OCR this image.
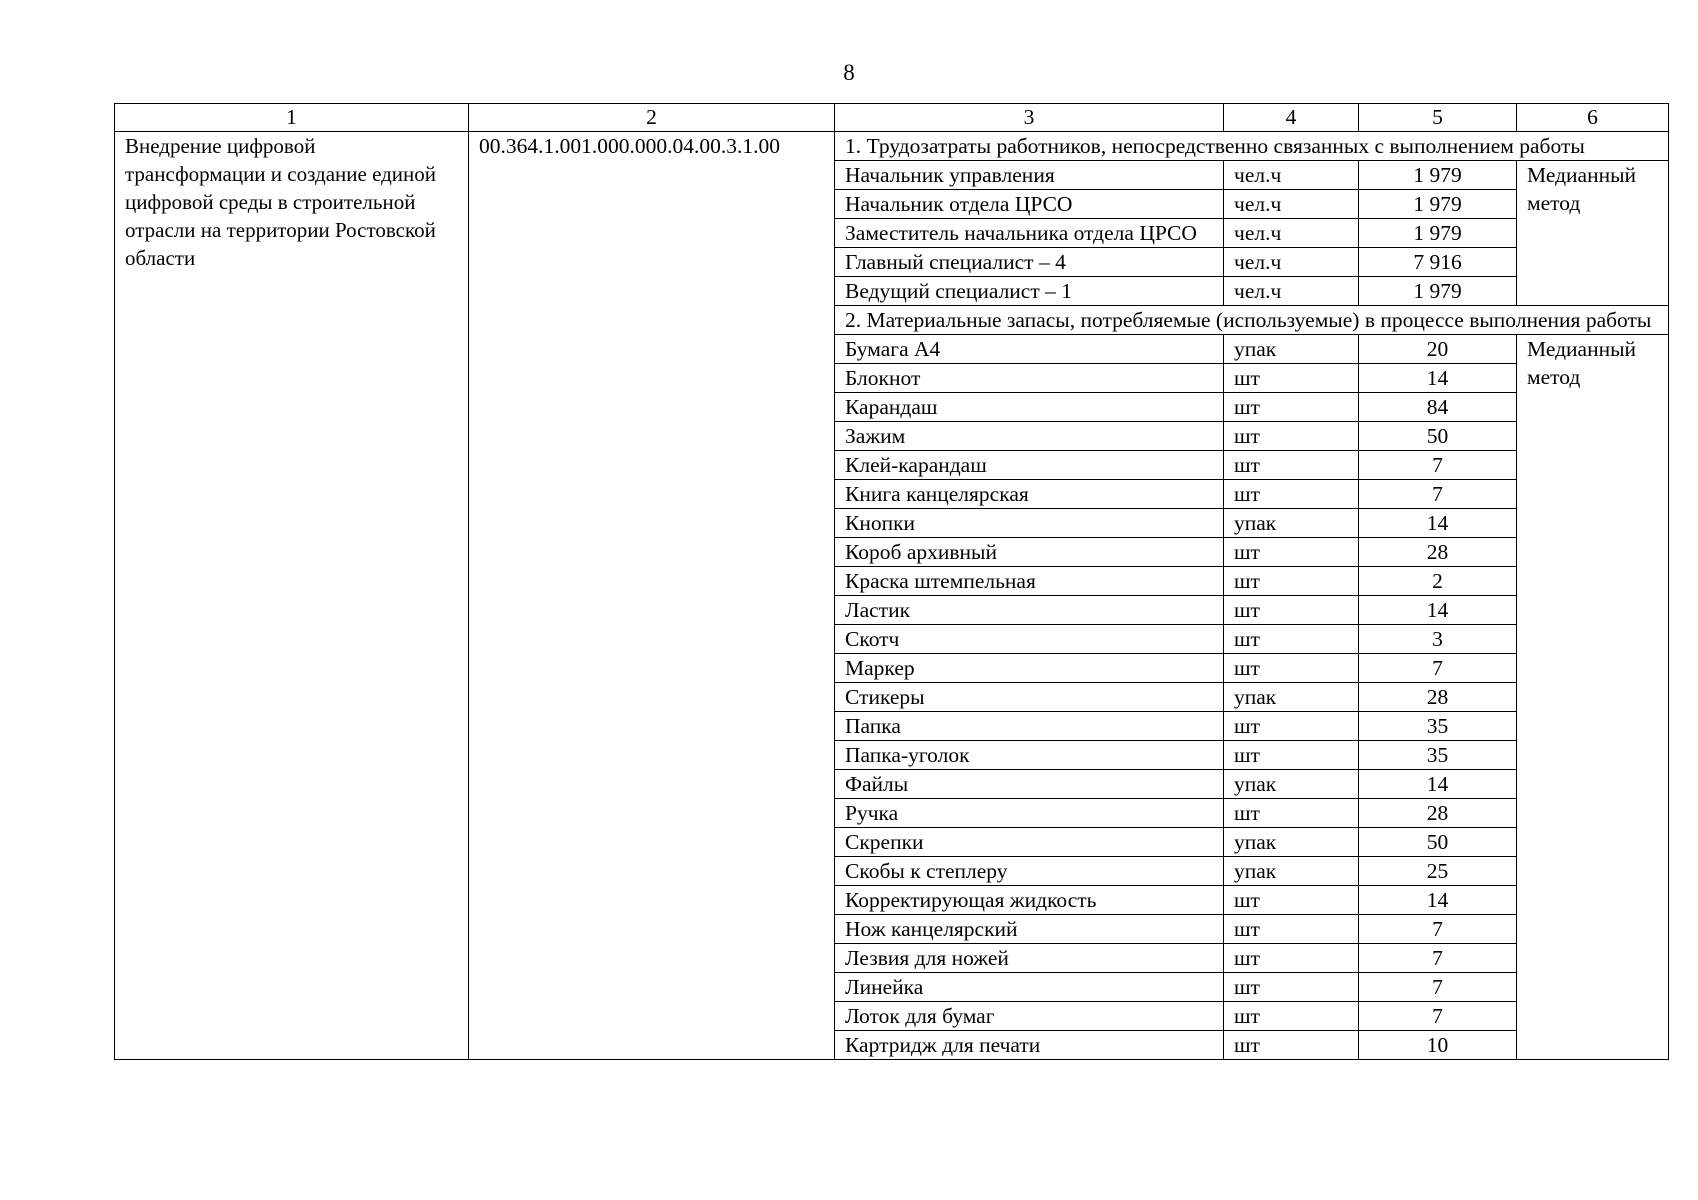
8
1	2	3	4	5	6
Внедрение цифровой трансформации и создание единой цифровой среды в строительной отрасли на территории Ростовской области	00.364.1.001.000.000.04.00.3.1.00	1. Трудозатраты работников, непосредственно связанных с выполнением работы			
		Начальник управления	чел.ч	1 979	Медианный метод
		Начальник отдела ЦРСО	чел.ч	1 979	
		Заместитель начальника отдела ЦРСО	чел.ч	1 979	
		Главный специалист – 4	чел.ч	7 916	
		Ведущий специалист – 1	чел.ч	1 979	
		2. Материальные запасы, потребляемые (используемые) в процессе выполнения работы			
		Бумага А4	упак	20	Медианный метод
		Блокнот	шт	14	
		Карандаш	шт	84	
		Зажим	шт	50	
		Клей-карандаш	шт	7	
		Книга канцелярская	шт	7	
		Кнопки	упак	14	
		Короб архивный	шт	28	
		Краска штемпельная	шт	2	
		Ластик	шт	14	
		Скотч	шт	3	
		Маркер	шт	7	
		Стикеры	упак	28	
		Папка	шт	35	
		Папка-уголок	шт	35	
		Файлы	упак	14	
		Ручка	шт	28	
		Скрепки	упак	50	
		Скобы к степлеру	упак	25	
		Корректирующая жидкость	шт	14	
		Нож канцелярский	шт	7	
		Лезвия для ножей	шт	7	
		Линейка	шт	7	
		Лоток для бумаг	шт	7	
		Картридж для печати	шт	10	
